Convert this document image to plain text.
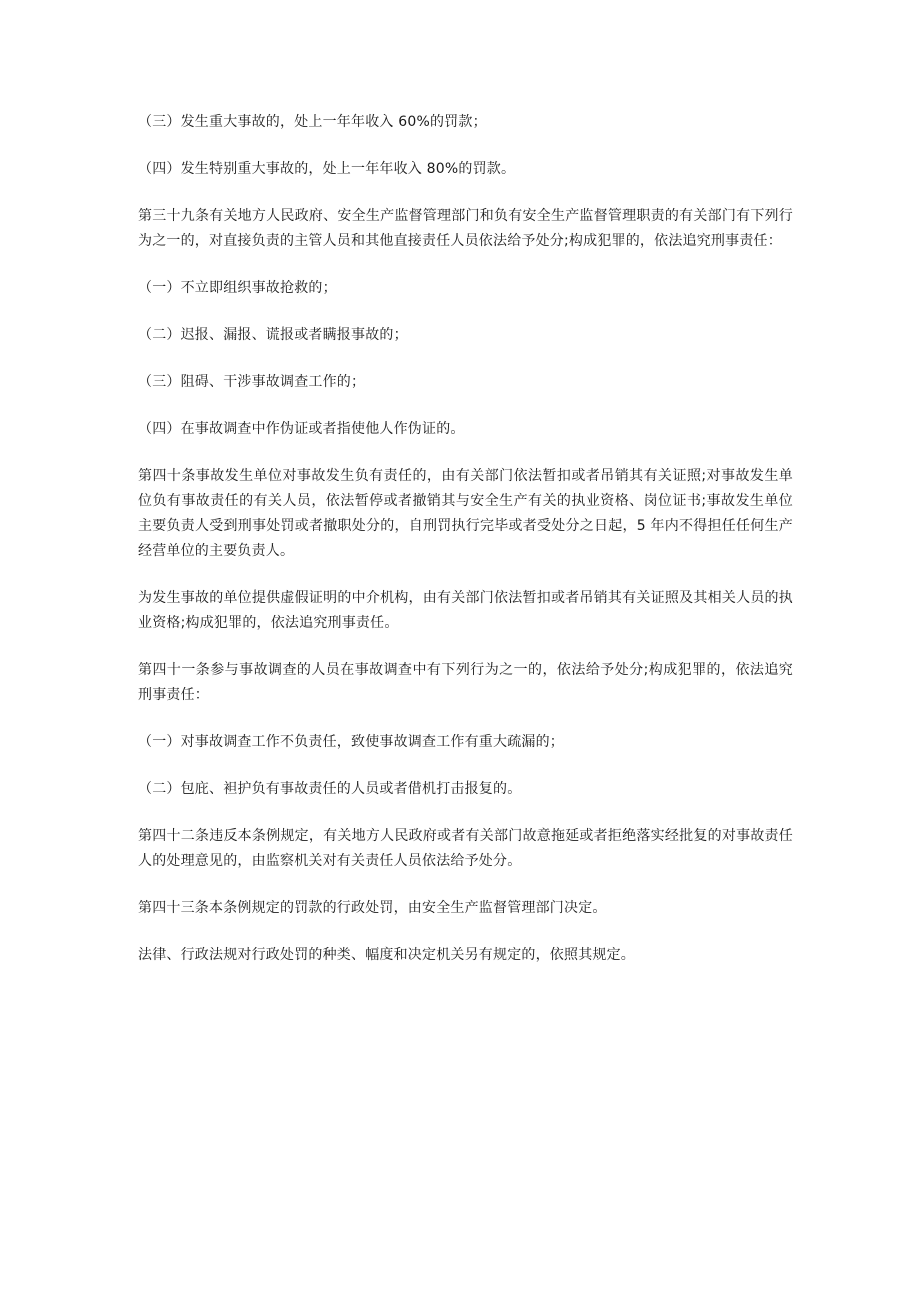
（三）发生重大事故的，处上一年年收入 60%的罚款；

（四）发生特别重大事故的，处上一年年收入 80%的罚款。

第三十九条有关地方人民政府、安全生产监督管理部门和负有安全生产监督管理职责的有关部门有下列行为之一的，对直接负责的主管人员和其他直接责任人员依法给予处分;构成犯罪的，依法追究刑事责任：

（一）不立即组织事故抢救的；

（二）迟报、漏报、谎报或者瞒报事故的；

（三）阻碍、干涉事故调查工作的；

（四）在事故调查中作伪证或者指使他人作伪证的。

第四十条事故发生单位对事故发生负有责任的，由有关部门依法暂扣或者吊销其有关证照;对事故发生单位负有事故责任的有关人员，依法暂停或者撤销其与安全生产有关的执业资格、岗位证书;事故发生单位主要负责人受到刑事处罚或者撤职处分的，自刑罚执行完毕或者受处分之日起，5 年内不得担任任何生产经营单位的主要负责人。

为发生事故的单位提供虚假证明的中介机构，由有关部门依法暂扣或者吊销其有关证照及其相关人员的执业资格;构成犯罪的，依法追究刑事责任。

第四十一条参与事故调查的人员在事故调查中有下列行为之一的，依法给予处分;构成犯罪的，依法追究刑事责任：

（一）对事故调查工作不负责任，致使事故调查工作有重大疏漏的；

（二）包庇、袒护负有事故责任的人员或者借机打击报复的。

第四十二条违反本条例规定，有关地方人民政府或者有关部门故意拖延或者拒绝落实经批复的对事故责任人的处理意见的，由监察机关对有关责任人员依法给予处分。

第四十三条本条例规定的罚款的行政处罚，由安全生产监督管理部门决定。

法律、行政法规对行政处罚的种类、幅度和决定机关另有规定的，依照其规定。
